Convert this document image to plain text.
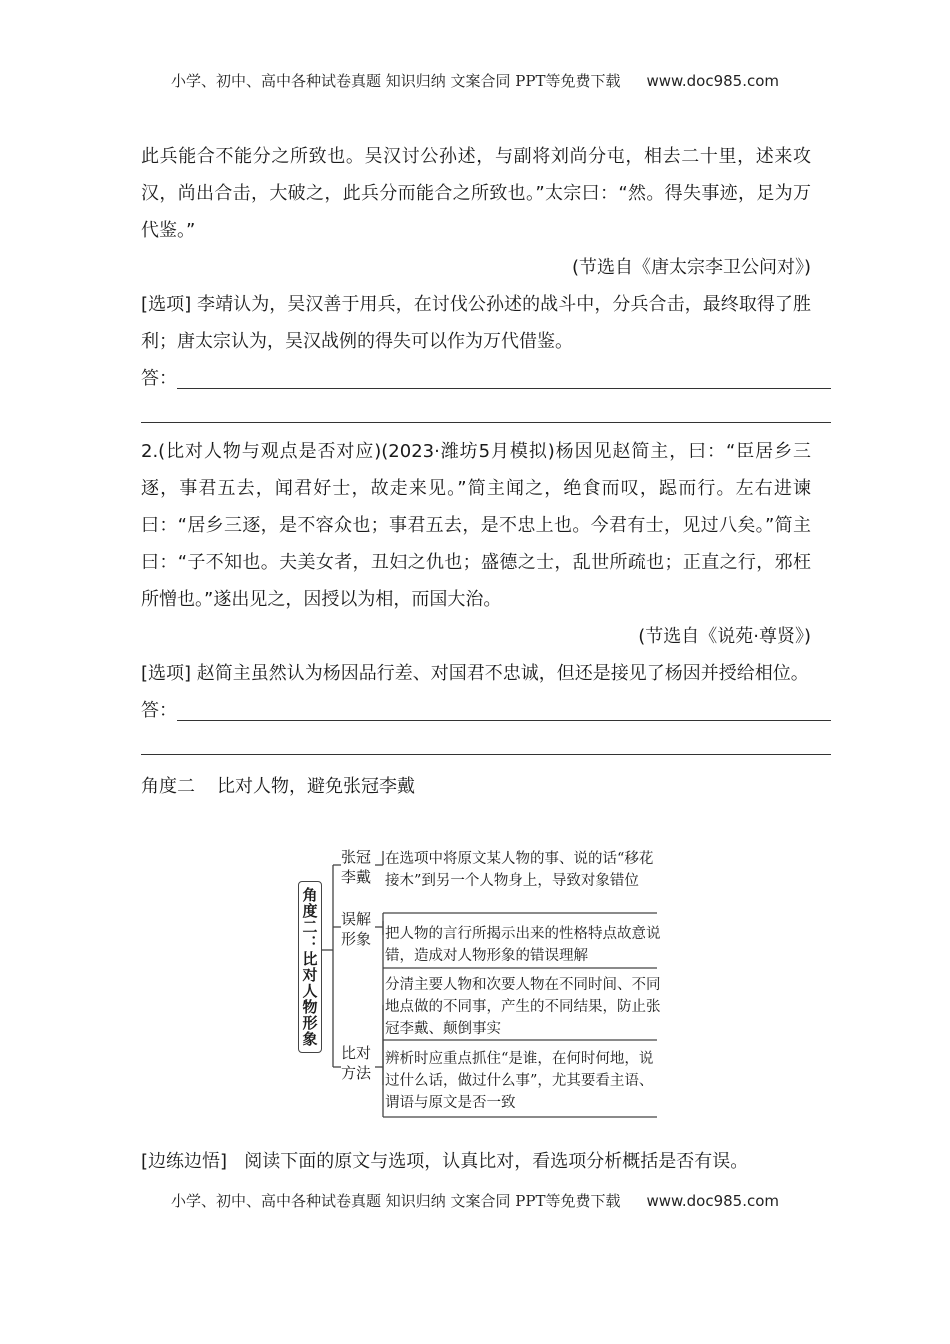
小学、初中、高中各种试卷真题 知识归纳 文案合同 PPT等免费下载 www.doc985.com

此兵能合不能分之所致也。吴汉讨公孙述，与副将刘尚分屯，相去二十里，述来攻汉，尚出合击，大破之，此兵分而能合之所致也。”太宗曰：“然。得失事迹，足为万代鉴。”

(节选自《唐太宗李卫公问对》)

[选项] 李靖认为，吴汉善于用兵，在讨伐公孙述的战斗中，分兵合击，最终取得了胜利；唐太宗认为，吴汉战例的得失可以作为万代借鉴。

答：

2.(比对人物与观点是否对应)(2023·潍坊5月模拟)杨因见赵简主，曰：“臣居乡三逐，事君五去，闻君好士，故走来见。”简主闻之，绝食而叹，跽而行。左右进谏曰：“居乡三逐，是不容众也；事君五去，是不忠上也。今君有士，见过八矣。”简主曰：“子不知也。夫美女者，丑妇之仇也；盛德之士，乱世所疏也；正直之行，邪枉所憎也。”遂出见之，因授以为相，而国大治。

(节选自《说苑·尊贤》)

[选项] 赵简主虽然认为杨因品行差、对国君不忠诚，但还是接见了杨因并授给相位。

答：

角度二 比对人物，避免张冠李戴

角度二：比对人物形象
张冠李戴
在选项中将原文某人物的事、说的话“移花接木”到另一个人物身上，导致对象错位
误解形象 把人物的言行所揭示出来的性格特点故意说错，造成对人物形象的错误理解
比对方法
分清主要人物和次要人物在不同时间、不同地点做的不同事，产生的不同结果，防止张冠李戴、颠倒事实
辨析时应重点抓住“是谁，在何时何地，说过什么话，做过什么事”，尤其要看主语、谓语与原文是否一致

[边练边悟] 阅读下面的原文与选项，认真比对，看选项分析概括是否有误。

小学、初中、高中各种试卷真题 知识归纳 文案合同 PPT等免费下载 www.doc985.com
